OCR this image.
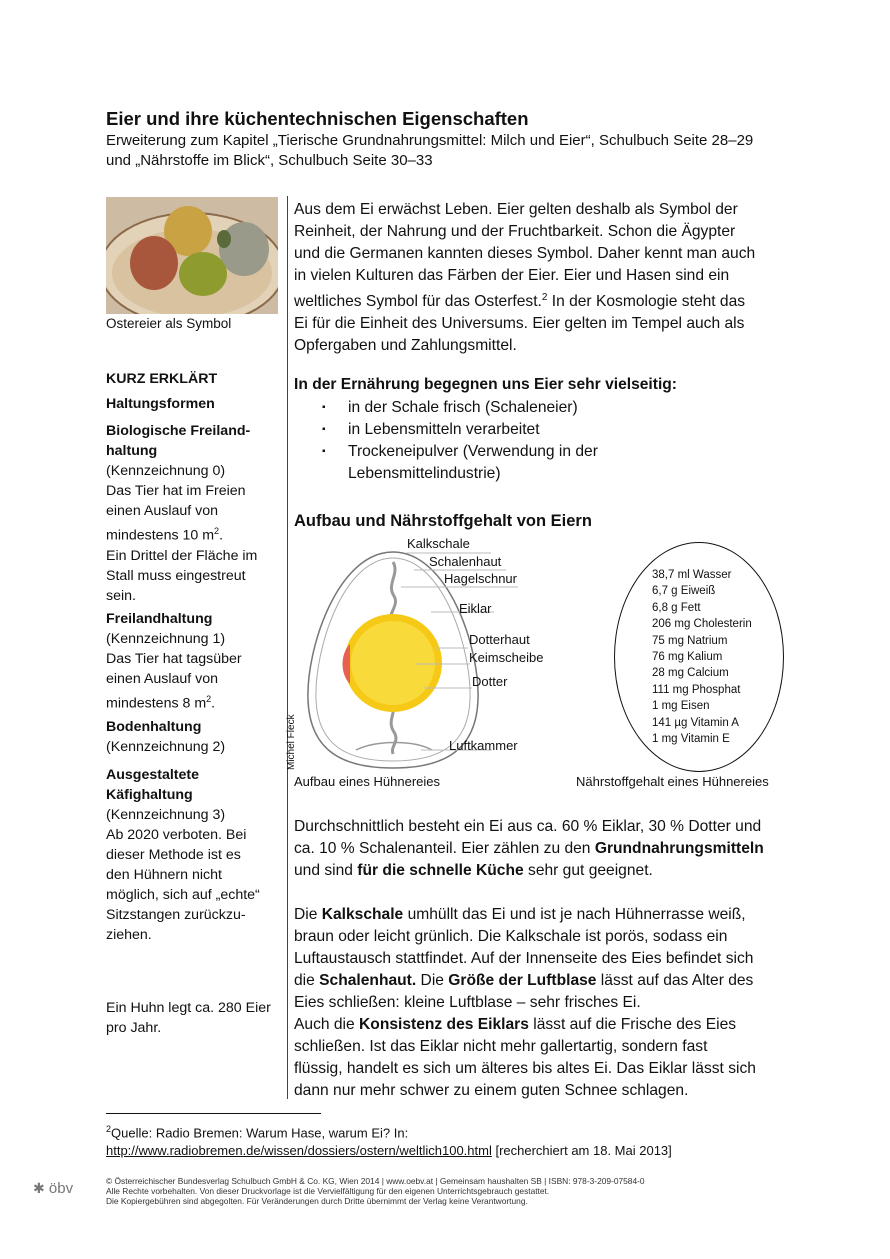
Eier und ihre küchentechnischen Eigenschaften
Erweiterung zum Kapitel „Tierische Grundnahrungsmittel: Milch und Eier“, Schulbuch Seite 28–29
und „Nährstoffe im Blick“, Schulbuch Seite 30–33
Maria Schuh
Ostereier als Symbol
KURZ ERKLÄRT
Haltungsformen
Biologische Freiland-
haltung
(Kennzeichnung 0)
Das Tier hat im Freien
einen Auslauf von
mindestens 10 $m^2$.
Ein Drittel der Fläche im
Stall muss eingestreut
sein.
Freilandhaltung
(Kennzeichnung 1)
Das Tier hat tagsüber
einen Auslauf von
mindestens 8 $m^2$.
Bodenhaltung
(Kennzeichnung 2)
Ausgestaltete
Käfighaltung
(Kennzeichnung 3)
Ab 2020 verboten. Bei
dieser Methode ist es
den Hühnern nicht
möglich, sich auf „echte“
Sitzstangen zurückzu-
ziehen.
Ein Huhn legt ca. 280 Eier
pro Jahr.
Aus dem Ei erwächst Leben. Eier gelten deshalb als Symbol der
Reinheit, der Nahrung und der Fruchtbarkeit. Schon die Ägypter
und die Germanen kannten dieses Symbol. Daher kennt man auch
in vielen Kulturen das Färben der Eier. Eier und Hasen sind ein
weltliches Symbol für das Osterfest.$^2$ In der Kosmologie steht das
Ei für die Einheit des Universums. Eier gelten im Tempel auch als
Opfergaben und Zahlungsmittel.
In der Ernährung begegnen uns Eier sehr vielseitig:
▪	in der Schale frisch (Schaleneier)
▪	in Lebensmitteln verarbeitet
▪	Trockeneipulver (Verwendung in der
Lebensmittelindustrie)
Aufbau und Nährstoffgehalt von Eiern
Kalkschale
Schalenhaut
Hagelschnur
Eiklar
Dotterhaut
Keimscheibe
Dotter
Luftkammer
Michel Fleck
38,7 ml Wasser
6,7 g Eiweiß
6,8 g Fett
206 mg Cholesterin
75 mg Natrium
76 mg Kalium
28 mg Calcium
111 mg Phosphat
1 mg Eisen
141 µg Vitamin A
1 mg Vitamin E
Aufbau eines Hühnereies	Nährstoffgehalt eines Hühnereies
Durchschnittlich besteht ein Ei aus ca. 60 % Eiklar, 30 % Dotter und
ca. 10 % Schalenanteil. Eier zählen zu den Grundnahrungsmitteln
und sind für die schnelle Küche sehr gut geeignet.
Die Kalkschale umhüllt das Ei und ist je nach Hühnerrasse weiß,
braun oder leicht grünlich. Die Kalkschale ist porös, sodass ein
Luftaustausch stattfindet. Auf der Innenseite des Eies befindet sich
die Schalenhaut. Die Größe der Luftblase lässt auf das Alter des
Eies schließen: kleine Luftblase – sehr frisches Ei.
Auch die Konsistenz des Eiklars lässt auf die Frische des Eies
schließen. Ist das Eiklar nicht mehr gallertartig, sondern fast
flüssig, handelt es sich um älteres bis altes Ei. Das Eiklar lässt sich
dann nur mehr schwer zu einem guten Schnee schlagen.
$^2$Quelle: Radio Bremen: Warum Hase, warum Ei? In:
http://www.radiobremen.de/wissen/dossiers/ostern/weltlich100.html [recherchiert am 18. Mai 2013]
✱ öbv	© Österreichischer Bundesverlag Schulbuch GmbH & Co. KG, Wien 2014 | www.oebv.at | Gemeinsam haushalten SB | ISBN: 978-3-209-07584-0
Alle Rechte vorbehalten. Von dieser Druckvorlage ist die Vervielfältigung für den eigenen Unterrichtsgebrauch gestattet.
Die Kopiergebühren sind abgegolten. Für Veränderungen durch Dritte übernimmt der Verlag keine Verantwortung.
